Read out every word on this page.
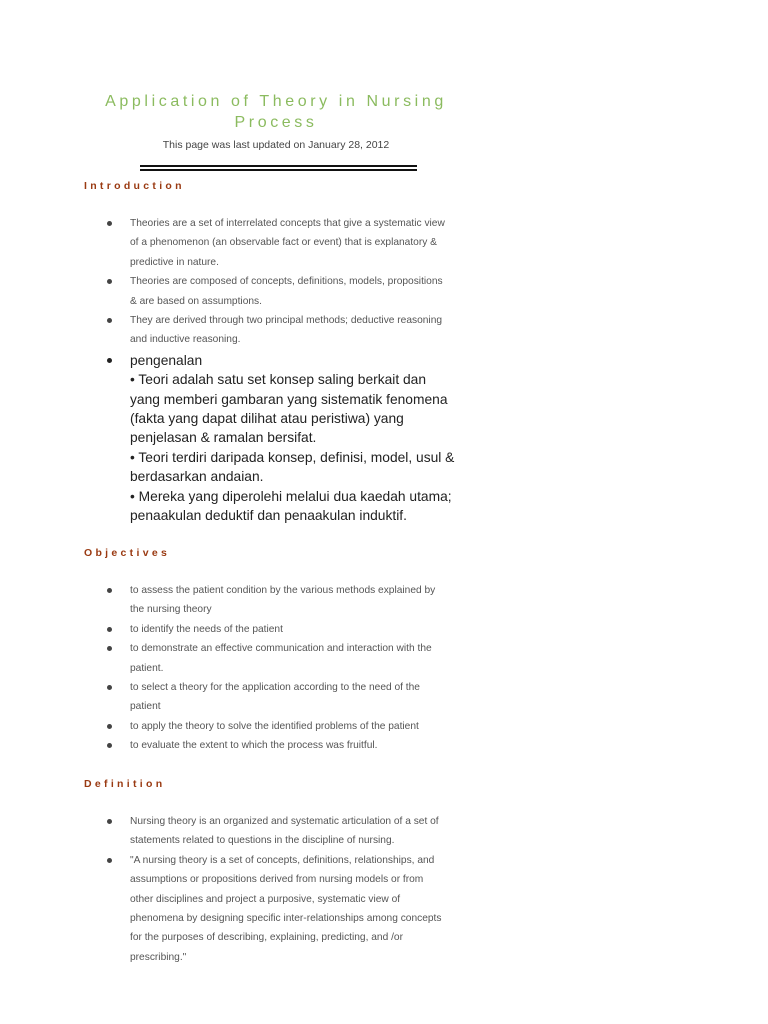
Application of Theory in Nursing
Process
This page was last updated on January 28, 2012
Introduction
Theories are a set of interrelated concepts that give a systematic view
of a phenomenon (an observable fact or event) that is explanatory &
predictive in nature.
Theories are composed of concepts, definitions, models, propositions
& are based on assumptions.
They are derived through two principal methods; deductive reasoning
and inductive reasoning.
pengenalan
• Teori adalah satu set konsep saling berkait dan
yang memberi gambaran yang sistematik fenomena
(fakta yang dapat dilihat atau peristiwa) yang
penjelasan & ramalan bersifat.
• Teori terdiri daripada konsep, definisi, model, usul &
berdasarkan andaian.
• Mereka yang diperolehi melalui dua kaedah utama;
penaakulan deduktif dan penaakulan induktif.
Objectives
to assess the patient condition by the various methods explained by
the nursing theory
to identify the needs of the patient
to demonstrate an effective communication and interaction with the
patient.
to select a theory for the application according to the need of the
patient
to apply the theory to solve the identified problems of the patient
to evaluate the extent to which the process was fruitful.
Definition
Nursing theory is an organized and systematic articulation of a set of
statements related to questions in the discipline of nursing.
"A nursing theory is a set of concepts, definitions, relationships, and
assumptions or propositions derived from nursing models or from
other disciplines and project a purposive, systematic view of
phenomena by designing specific inter-relationships among concepts
for the purposes of describing, explaining, predicting, and /or
prescribing."
